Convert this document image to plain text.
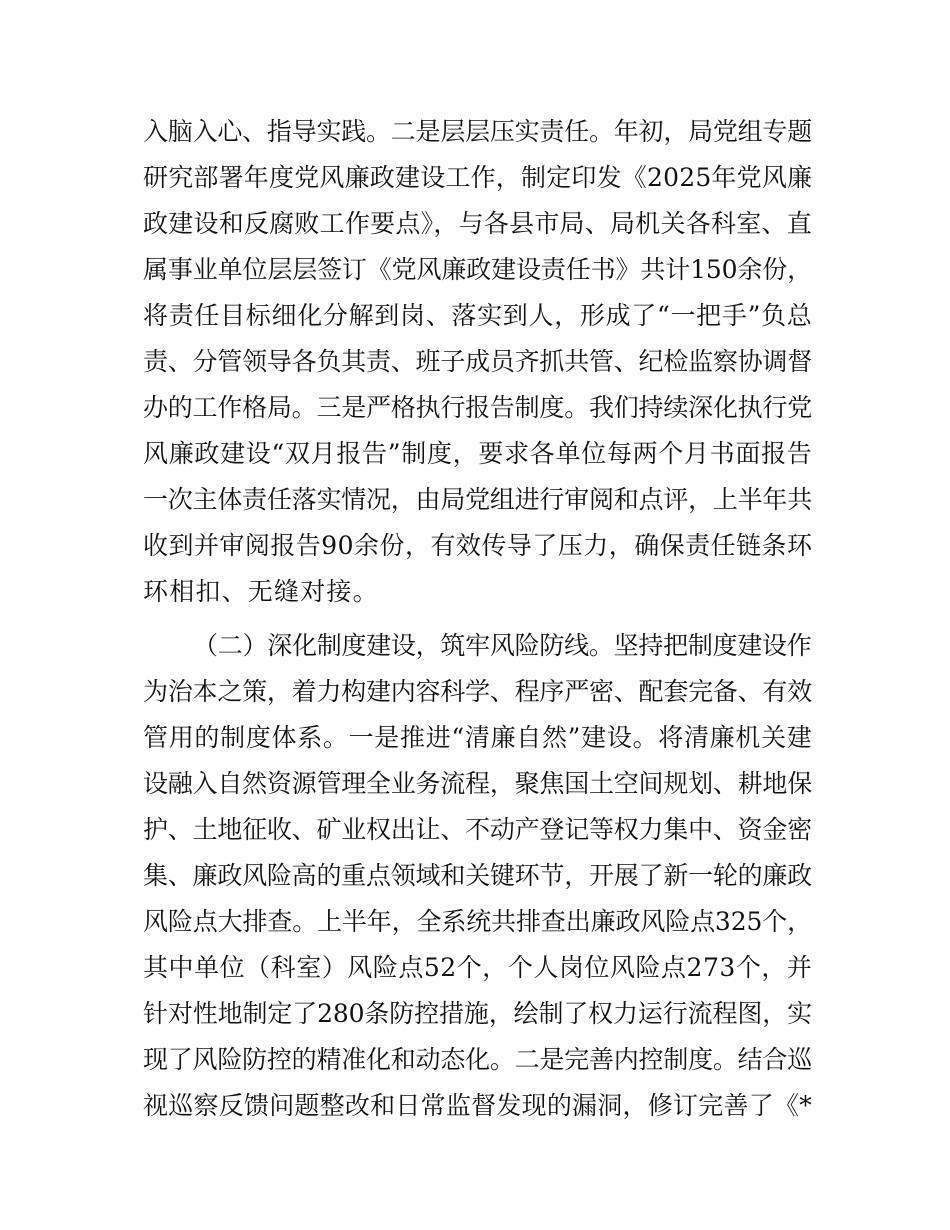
入脑入心、指导实践。二是层层压实责任。年初，局党组专题
研究部署年度党风廉政建设工作，制定印发《2025年党风廉
政建设和反腐败工作要点》，与各县市局、局机关各科室、直
属事业单位层层签订《党风廉政建设责任书》共计150余份，
将责任目标细化分解到岗、落实到人，形成了“一把手”负总
责、分管领导各负其责、班子成员齐抓共管、纪检监察协调督
办的工作格局。三是严格执行报告制度。我们持续深化执行党
风廉政建设“双月报告”制度，要求各单位每两个月书面报告
一次主体责任落实情况，由局党组进行审阅和点评，上半年共
收到并审阅报告90余份，有效传导了压力，确保责任链条环
环相扣、无缝对接。
（二）深化制度建设，筑牢风险防线。坚持把制度建设作
为治本之策，着力构建内容科学、程序严密、配套完备、有效
管用的制度体系。一是推进“清廉自然”建设。将清廉机关建
设融入自然资源管理全业务流程，聚焦国土空间规划、耕地保
护、土地征收、矿业权出让、不动产登记等权力集中、资金密
集、廉政风险高的重点领域和关键环节，开展了新一轮的廉政
风险点大排查。上半年，全系统共排查出廉政风险点325个，
其中单位（科室）风险点52个，个人岗位风险点273个，并
针对性地制定了280条防控措施，绘制了权力运行流程图，实
现了风险防控的精准化和动态化。二是完善内控制度。结合巡
视巡察反馈问题整改和日常监督发现的漏洞，修订完善了《*
